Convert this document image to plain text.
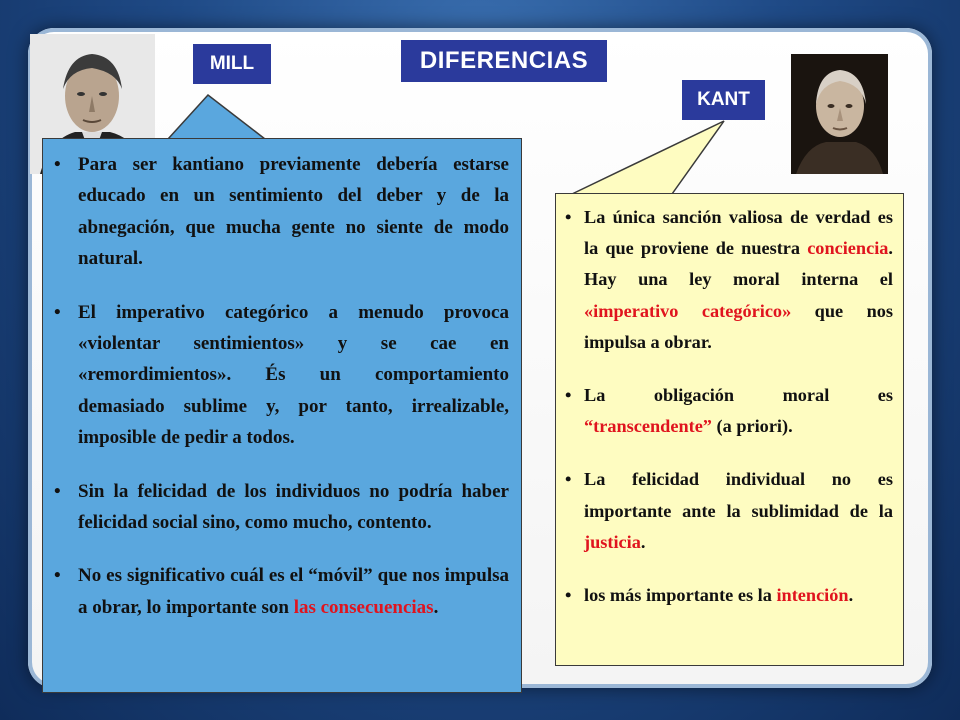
MILL	DIFERENCIAS
KANT
• Para ser kantiano previamente debería estarse educado en un sentimiento del deber y de la abnegación, que mucha gente no siente de modo natural.
• El imperativo categórico a menudo provoca «violentar sentimientos» y se cae en «remordimientos». És un comportamiento demasiado sublime y, por tanto, irrealizable, imposible de pedir a todos.
• Sin la felicidad de los individuos no podría haber felicidad social sino, como mucho, contento.
• No es significativo cuál es el “móvil” que nos impulsa a obrar, lo importante son las consecuencias.
• La única sanción valiosa de verdad es la que proviene de nuestra conciencia. Hay una ley moral interna el «imperativo categórico» que nos impulsa a obrar.
• La obligación moral es “transcendente” (a priori).
• La felicidad individual no es importante ante la sublimidad de la justicia.
• los más importante es la intención.
